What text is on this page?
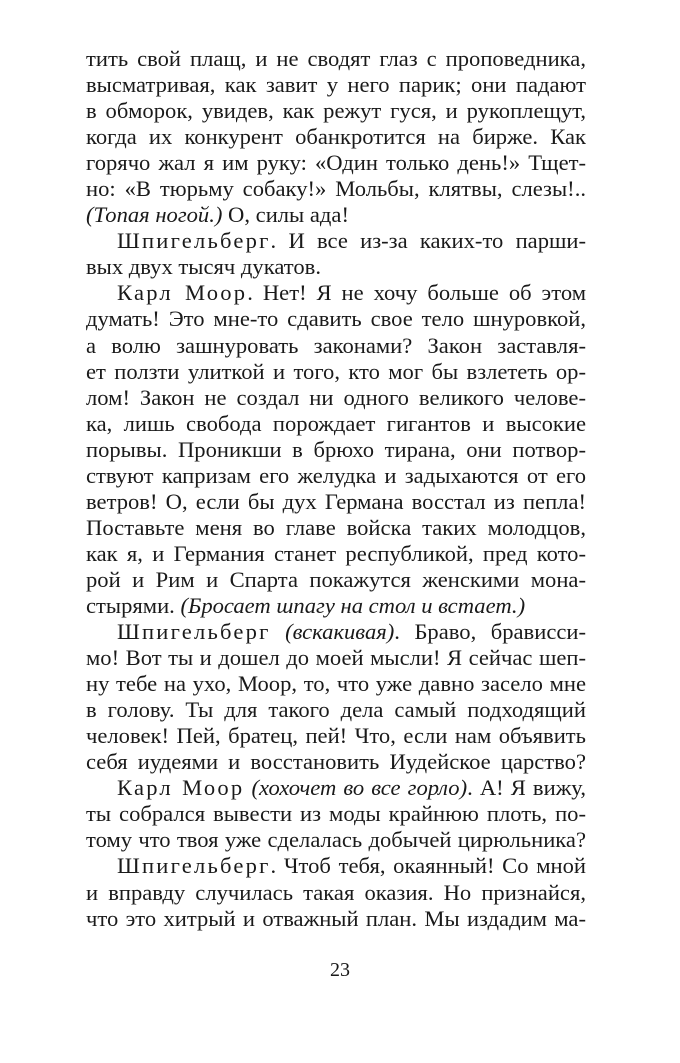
тить свой плащ, и не сводят глаз с проповедника,
высматривая, как завит у него парик; они падают
в обморок, увидев, как режут гуся, и рукоплещут,
когда их конкурент обанкротится на бирже. Как
горячо жал я им руку: «Один только день!» Тщет-
но: «В тюрьму собаку!» Мольбы, клятвы, слезы!..
(Топая ногой.) О, силы ада!
Шпигельберг. И все из-за каких-то парши-
вых двух тысяч дукатов.
Карл Моор. Нет! Я не хочу больше об этом
думать! Это мне-то сдавить свое тело шнуровкой,
а волю зашнуровать законами? Закон заставля-
ет ползти улиткой и того, кто мог бы взлететь ор-
лом! Закон не создал ни одного великого челове-
ка, лишь свобода порождает гигантов и высокие
порывы. Проникши в брюхо тирана, они потвор-
ствуют капризам его желудка и задыхаются от его
ветров! О, если бы дух Германа восстал из пепла!
Поставьте меня во главе войска таких молодцов,
как я, и Германия станет республикой, пред кото-
рой и Рим и Спарта покажутся женскими мона-
стырями. (Бросает шпагу на стол и встает.)
Шпигельберг (вскакивая). Браво, брависси-
мо! Вот ты и дошел до моей мысли! Я сейчас шеп-
ну тебе на ухо, Моор, то, что уже давно засело мне
в голову. Ты для такого дела самый подходящий
человек! Пей, братец, пей! Что, если нам объявить
себя иудеями и восстановить Иудейское царство?
Карл Моор (хохочет во все горло). А! Я вижу,
ты собрался вывести из моды крайнюю плоть, по-
тому что твоя уже сделалась добычей цирюльника?
Шпигельберг. Чтоб тебя, окаянный! Со мной
и вправду случилась такая оказия. Но признайся,
что это хитрый и отважный план. Мы издадим ма-
23
